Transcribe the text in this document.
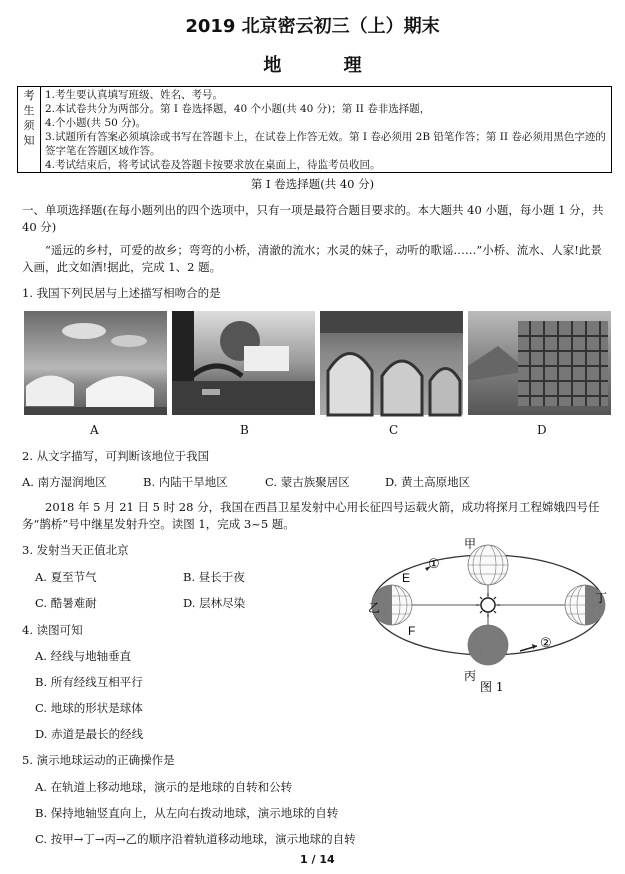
2019 北京密云初三（上）期末
地 理
考
生
须
知
1.考生要认真填写班级、姓名、考号。
2.本试卷共分为两部分。第 I 卷选择题，40 个小题(共 40 分)；第 II 卷非选择题，
4.个小题(共 50 分)。
3.试题所有答案必须填涂或书写在答题卡上，在试卷上作答无效。第 I 卷必须用 2B 铅笔作答；第 II 卷必须用黑色字迹的签字笔在答题区域作答。
4.考试结束后，将考试试卷及答题卡按要求放在桌面上，待监考员收回。
第 I 卷选择题(共 40 分)
一、单项选择题(在每小题列出的四个选项中，只有一项是最符合题目要求的。本大题共 40 小题，每小题 1 分，共 40 分)
“遥远的乡村，可爱的故乡；弯弯的小桥，清澈的流水；水灵的妹子，动听的歌谣……”小桥、流水、人家!此景入画，此文如酒!据此，完成 1、2 题。
1. 我国下列民居与上述描写相吻合的是
A	B	C	D
2. 从文字描写，可判断该地位于我国
A. 南方湿润地区	B. 内陆干旱地区	C. 蒙古族聚居区	D. 黄土高原地区
2018 年 5 月 21 日 5 时 28 分，我国在西昌卫星发射中心用长征四号运载火箭，成功将探月工程嫦娥四号任务“鹊桥”号中继星发射升空。读图 1，完成 3~5 题。
3. 发射当天正值北京
A. 夏至节气	B. 昼长于夜
C. 酷暑难耐	D. 层林尽染
4. 读图可知
A. 经线与地轴垂直
B. 所有经线互相平行
C. 地球的形状是球体
D. 赤道是最长的经线
5. 演示地球运动的正确操作是
A. 在轨道上移动地球，演示的是地球的自转和公转
B. 保持地轴竖直向上，从左向右拨动地球，演示地球的自转
C. 按甲→丁→丙→乙的顺序沿着轨道移动地球，演示地球的自转
甲
乙
丙
丁
E
F
①
②
图 1
1 / 14
